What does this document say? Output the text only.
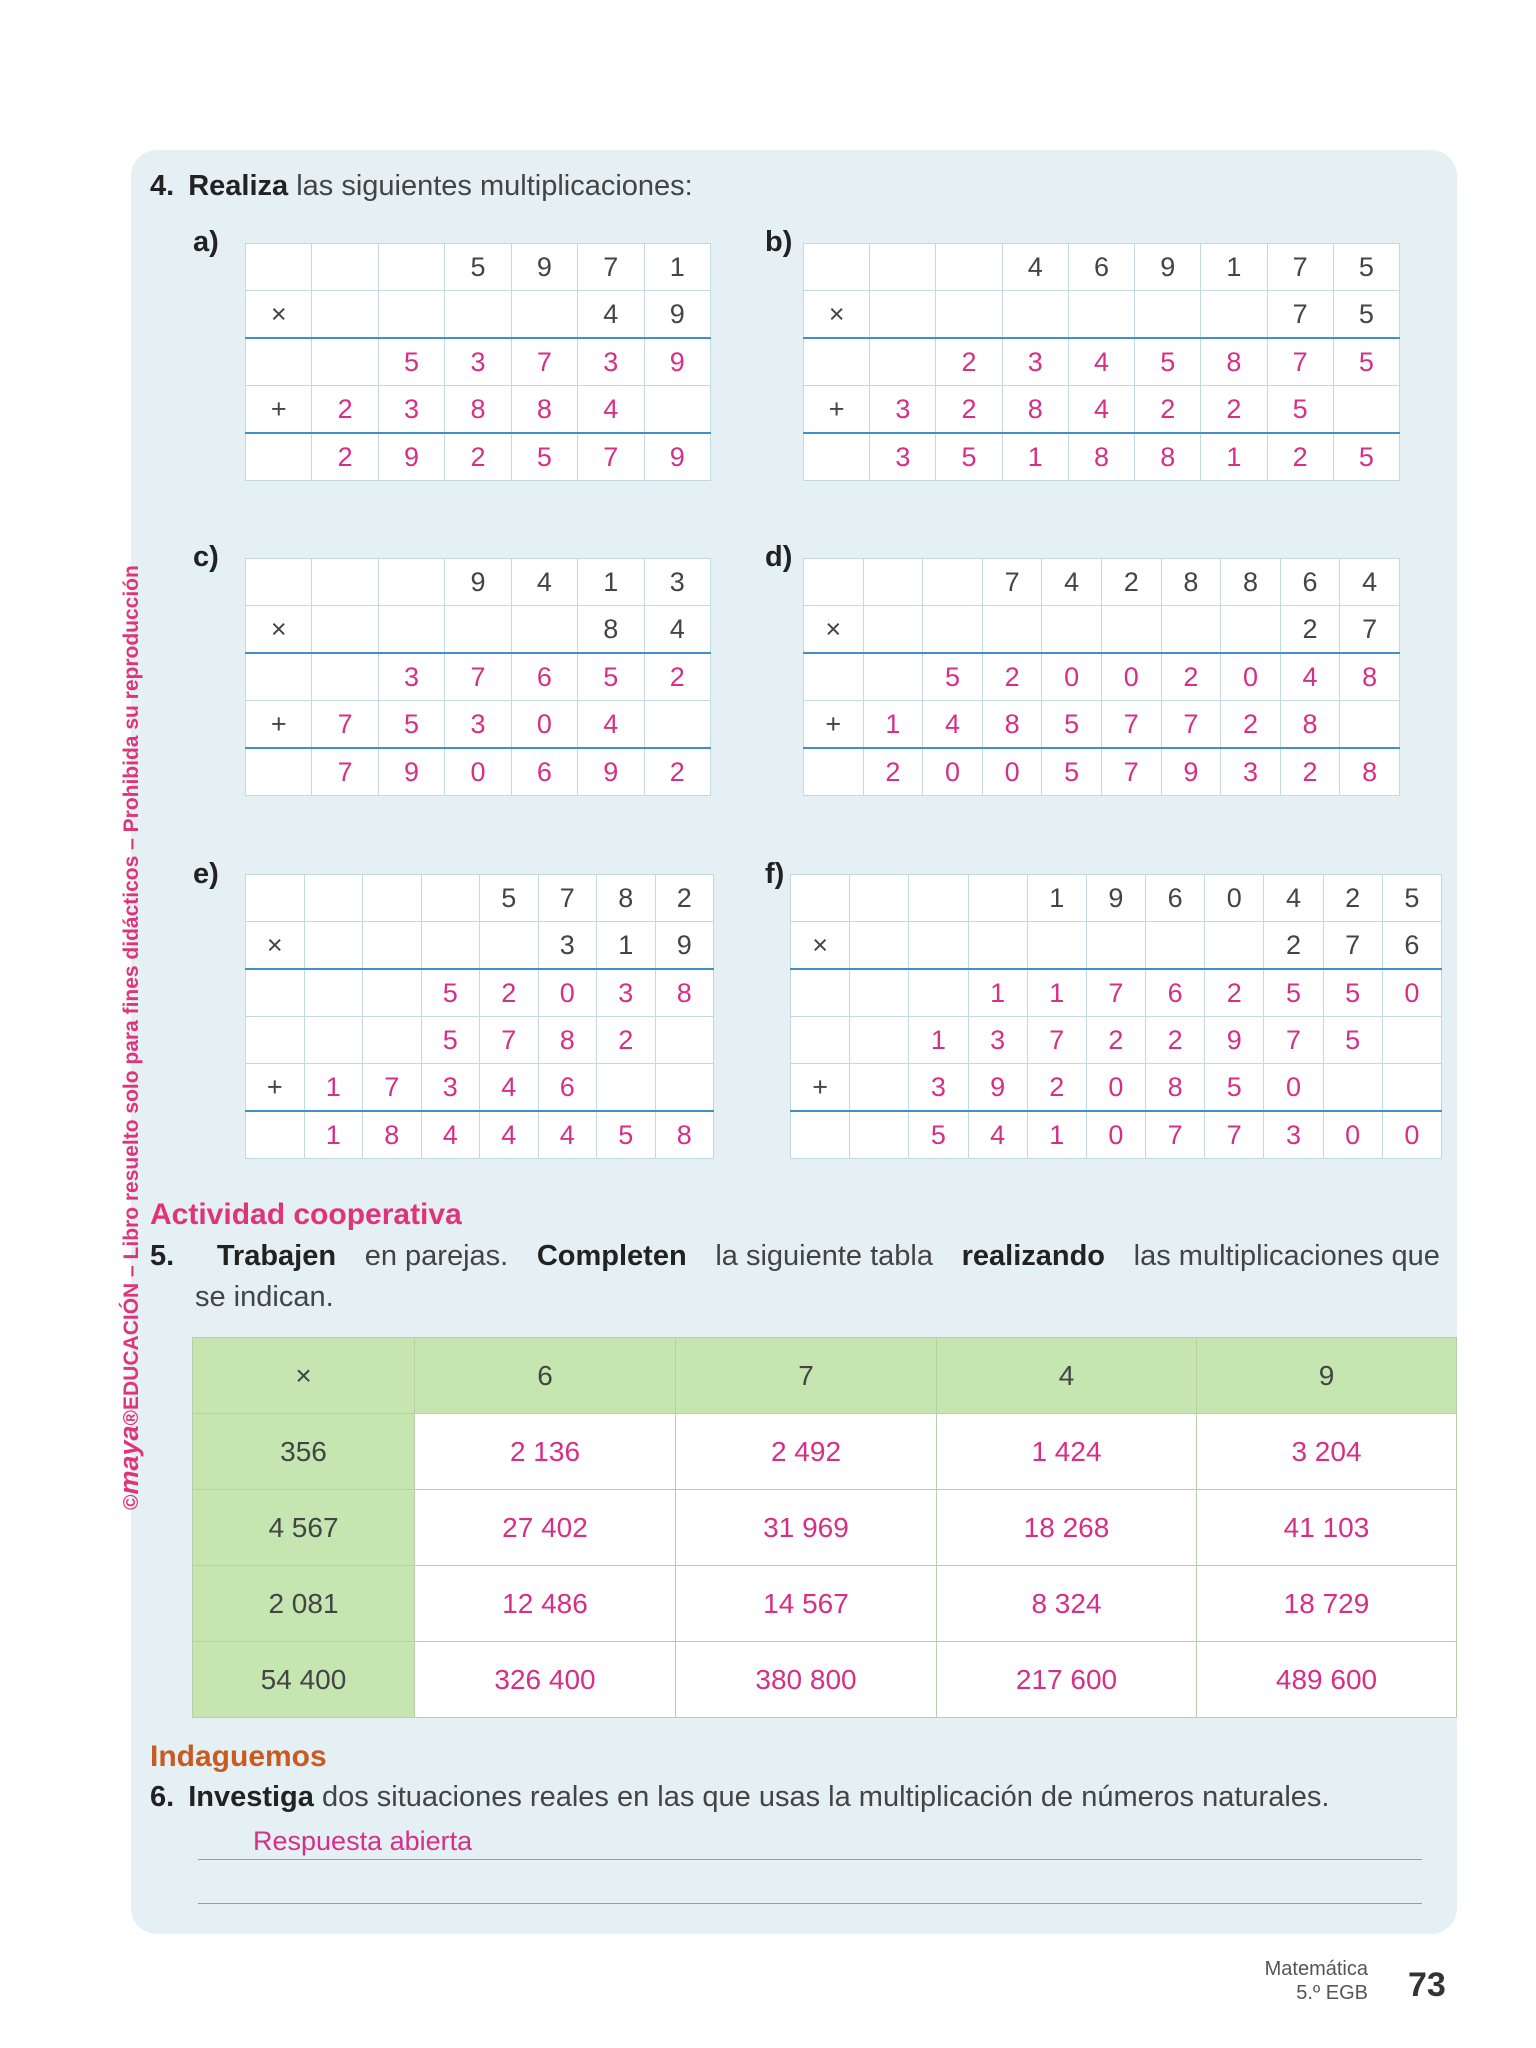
©maya®EDUCACIÓN – Libro resuelto solo para fines didácticos – Prohibida su reproducción
4. Realiza las siguientes multiplicaciones:
a)
			5	9	7	1
×					4	9
		5	3	7	3	9
+	2	3	8	8	4	
	2	9	2	5	7	9
b)
			4	6	9	1	7	5
×							7	5
		2	3	4	5	8	7	5
+	3	2	8	4	2	2	5	
	3	5	1	8	8	1	2	5
c)
			9	4	1	3
×					8	4
		3	7	6	5	2
+	7	5	3	0	4	
	7	9	0	6	9	2
d)
			7	4	2	8	8	6	4
×								2	7
		5	2	0	0	2	0	4	8
+	1	4	8	5	7	7	2	8	
	2	0	0	5	7	9	3	2	8
e)
				5	7	8	2
×					3	1	9
			5	2	0	3	8
			5	7	8	2	
+	1	7	3	4	6		
	1	8	4	4	4	5	8
f)
				1	9	6	0	4	2	5
×								2	7	6
			1	1	7	6	2	5	5	0
		1	3	7	2	2	9	7	5	
+		3	9	2	0	8	5	0		
		5	4	1	0	7	7	3	0	0
Actividad cooperativa
5. Trabajen en parejas. Completen la siguiente tabla realizando las multiplicaciones que
se indican.
×	6	7	4	9
356	2 136	2 492	1 424	3 204
4 567	27 402	31 969	18 268	41 103
2 081	12 486	14 567	8 324	18 729
54 400	326 400	380 800	217 600	489 600
Indaguemos
6. Investiga dos situaciones reales en las que usas la multiplicación de números naturales.
Respuesta abierta
Matemática
5.º EGB 73
